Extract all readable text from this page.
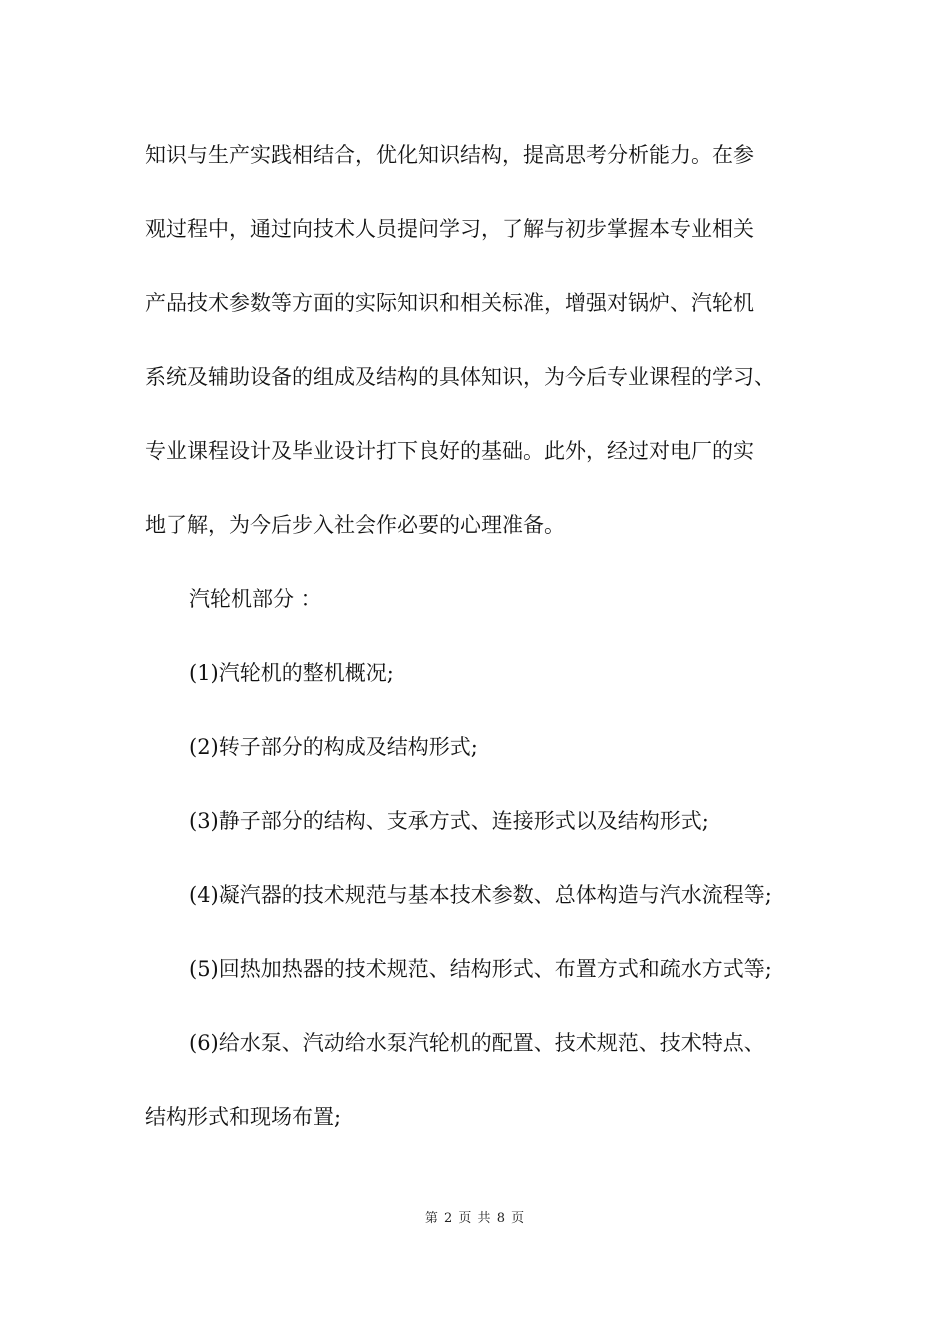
知识与生产实践相结合，优化知识结构，提高思考分析能力。在参
观过程中，通过向技术人员提问学习，了解与初步掌握本专业相关
产品技术参数等方面的实际知识和相关标准，增强对锅炉、汽轮机
系统及辅助设备的组成及结构的具体知识，为今后专业课程的学习、
专业课程设计及毕业设计打下良好的基础。此外，经过对电厂的实
地了解，为今后步入社会作必要的心理准备。
汽轮机部分 ：
(1)汽轮机的整机概况;
(2)转子部分的构成及结构形式;
(3)静子部分的结构、支承方式、连接形式以及结构形式;
(4)凝汽器的技术规范与基本技术参数、总体构造与汽水流程等;
(5)回热加热器的技术规范、结构形式、布置方式和疏水方式等;
(6)给水泵、汽动给水泵汽轮机的配置、技术规范、技术特点、
结构形式和现场布置;
第 2 页 共 8 页
